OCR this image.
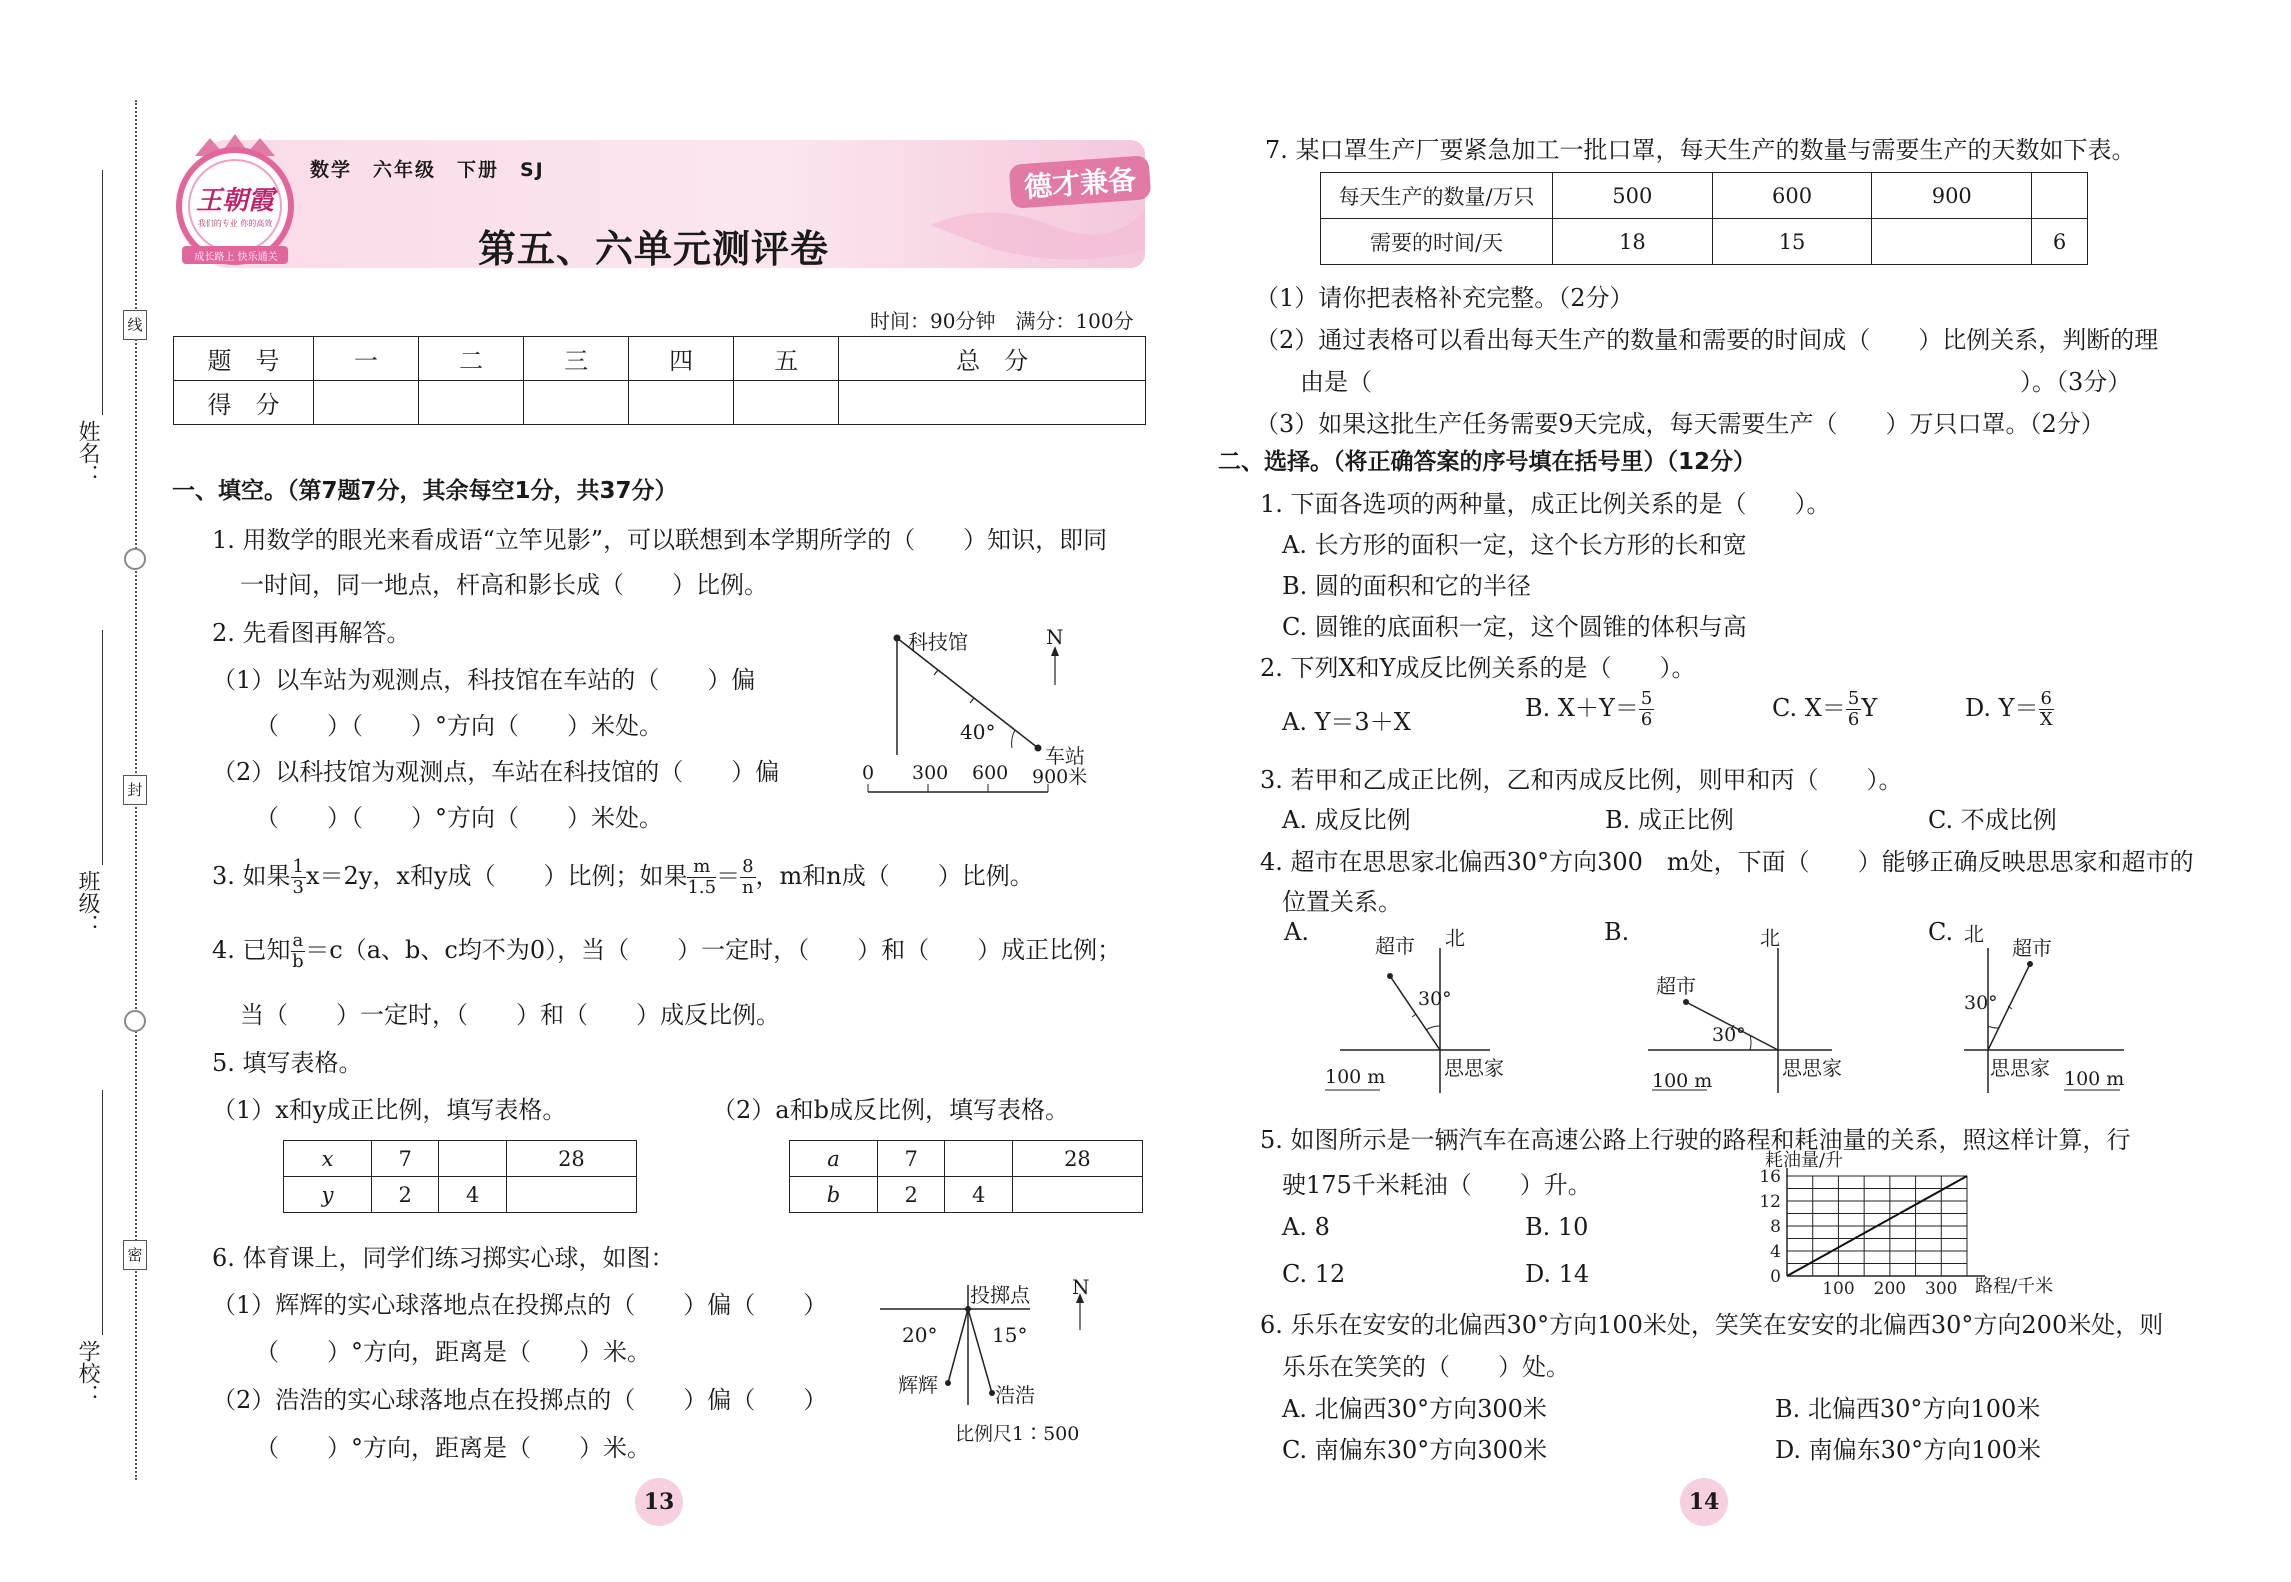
姓名：
班级：
学校：
线
封
密
王朝霞
我们的专业 你的高效
成长路上 快乐通关
数学　六年级　下册　SJ	德才兼备
第五、六单元测评卷
时间：90分钟　满分：100分
题　号	一	二	三	四	五	总　分
得　分						
一、填空。（第7题7分，其余每空1分，共37分）
1. 用数学的眼光来看成语“立竿见影”，可以联想到本学期所学的（　　）知识，即同
一时间，同一地点，杆高和影长成（　　）比例。
2. 先看图再解答。
（1）以车站为观测点，科技馆在车站的（　　）偏
（　　）（　　）°方向（　　）米处。
（2）以科技馆为观测点，车站在科技馆的（　　）偏
（　　）（　　）°方向（　　）米处。
科技馆
车站
N
40°
0 300 600 900米
3. 如果 $\frac{1}{3} x=2y$，x和y成（　　）比例；如果 $\frac{m}{1.5} = \frac{8}{n}$ ，m和n成（　　）比例。
4. 已知 $\frac{a}{b} =c(a$、b、c均不为0），当（　　）一定时，（　　）和（　　）成正比例；
当（　　）一定时，（　　）和（　　）成反比例。
5. 填写表格。
（1）x和y成正比例，填写表格。	（2）a和b成反比例，填写表格。
x	7		28
y	2	4	
a	7		28
b	2	4	
6. 体育课上，同学们练习掷实心球，如图：
（1）辉辉的实心球落地点在投掷点的（　　）偏（　　）
（　　）°方向，距离是（　　）米。
（2）浩浩的实心球落地点在投掷点的（　　）偏（　　）
（　　）°方向，距离是（　　）米。
投掷点 N
20°	15°
辉辉	浩浩
比例尺1∶500
13
7. 某口罩生产厂要紧急加工一批口罩，每天生产的数量与需要生产的天数如下表。
每天生产的数量/万只	500	600	900	
需要的时间/天	18	15		6
（1）请你把表格补充完整。（2分）
（2）通过表格可以看出每天生产的数量和需要的时间成（　　）比例关系，判断的理
由是（　　　　　　　　　　　　　　　　　　　　　　　　　　　）。（3分）
（3）如果这批生产任务需要9天完成，每天需要生产（　　）万只口罩。（2分）
二、选择。（将正确答案的序号填在括号里）（12分）
1. 下面各选项的两种量，成正比例关系的是（　　）。
A. 长方形的面积一定，这个长方形的长和宽
B. 圆的面积和它的半径
C. 圆锥的底面积一定，这个圆锥的体积与高
2. 下列X和Y成反比例关系的是（　　）。
A. Y＝3＋X	B. $X+Y= \frac{5}{6}$	C. $X= \frac{5}{6}$ Y	D. $Y= \frac{6}{X}$
3. 若甲和乙成正比例，乙和丙成反比例，则甲和丙（　　）。
A. 成反比例	B. 成正比例	C. 不成比例
4. 超市在思思家北偏西30°方向300　m处，下面（　　）能够正确反映思思家和超市的
位置关系。
A.	超市 北
30°
思思家
100 m
B.
超市
北
30°
思思家
100 m
C. 北
超市
30°
思思家 100 m
5. 如图所示是一辆汽车在高速公路上行驶的路程和耗油量的关系，照这样计算，行
驶175千米耗油（　　）升。
A. 8	B. 10
C. 12	D. 14	0
4
8
12
16
100 200 300
耗油量/升
路程/千米
6. 乐乐在安安的北偏西30°方向100米处，笑笑在安安的北偏西30°方向200米处，则
乐乐在笑笑的（　　）处。
A. 北偏西30°方向300米	B. 北偏西30°方向100米
C. 南偏东30°方向300米	D. 南偏东30°方向100米
14
